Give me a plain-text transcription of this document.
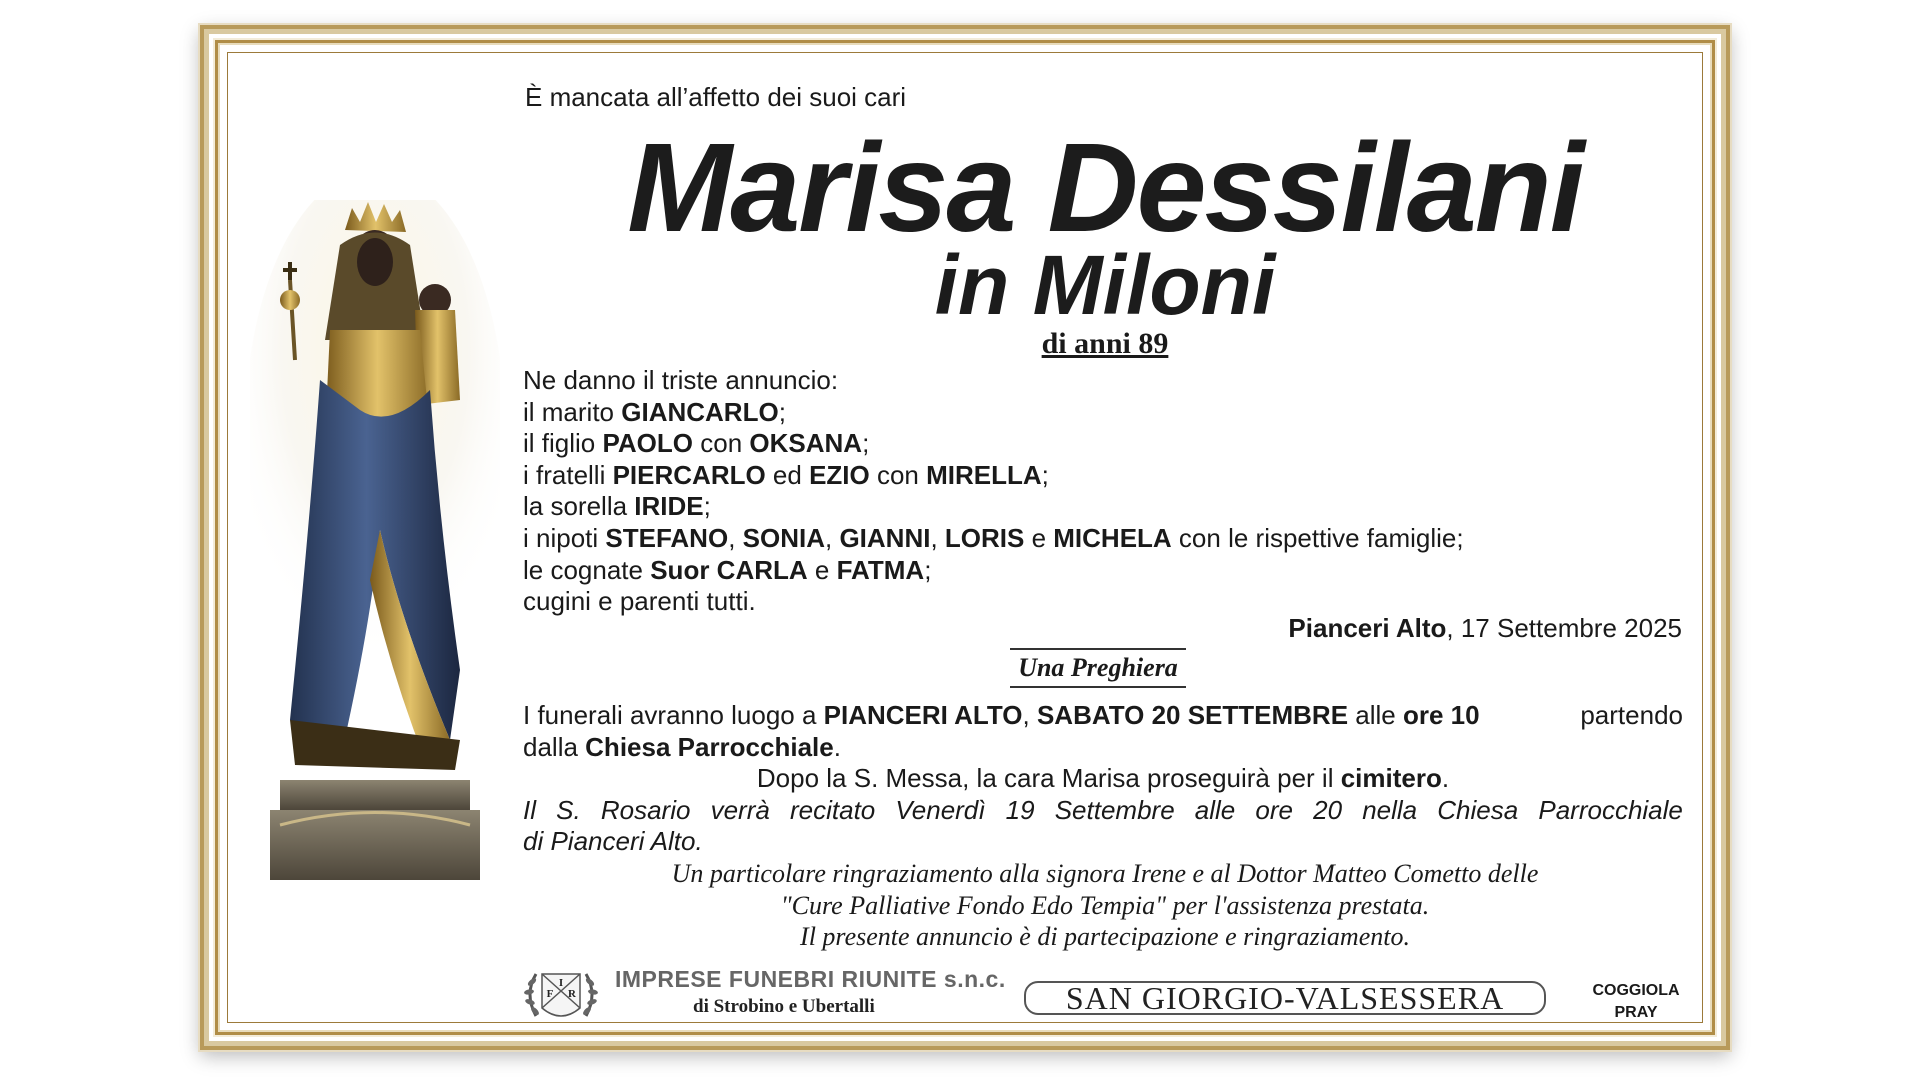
È mancata all’affetto dei suoi cari
Marisa Dessilani
in Miloni
di anni 89
Ne danno il triste annuncio:
il marito GIANCARLO;
il figlio PAOLO con OKSANA;
i fratelli PIERCARLO ed EZIO con MIRELLA;
la sorella IRIDE;
i nipoti STEFANO, SONIA, GIANNI, LORIS e MICHELA con le rispettive famiglie;
le cognate Suor CARLA e FATMA;
cugini e parenti tutti.
Pianceri Alto, 17 Settembre 2025
Una Preghiera
I funerali avranno luogo a PIANCERI ALTO, SABATO 20 SETTEMBRE alle ore 10	partendo
dalla Chiesa Parrocchiale.
Dopo la S. Messa, la cara Marisa proseguirà per il cimitero.
Il S. Rosario verrà recitato Venerdì 19 Settembre alle ore 20 nella Chiesa Parrocchiale
di Pianceri Alto.
Un particolare ringraziamento alla signora Irene e al Dottor Matteo Cometto delle
"Cure Palliative Fondo Edo Tempia" per l'assistenza prestata.
Il presente annuncio è di partecipazione e ringraziamento.
I
F R
IMPRESE FUNEBRI RIUNITE s.n.c.
di Strobino e Ubertalli	SAN GIORGIO-VALSESSERA	COGGIOLA
PRAY
